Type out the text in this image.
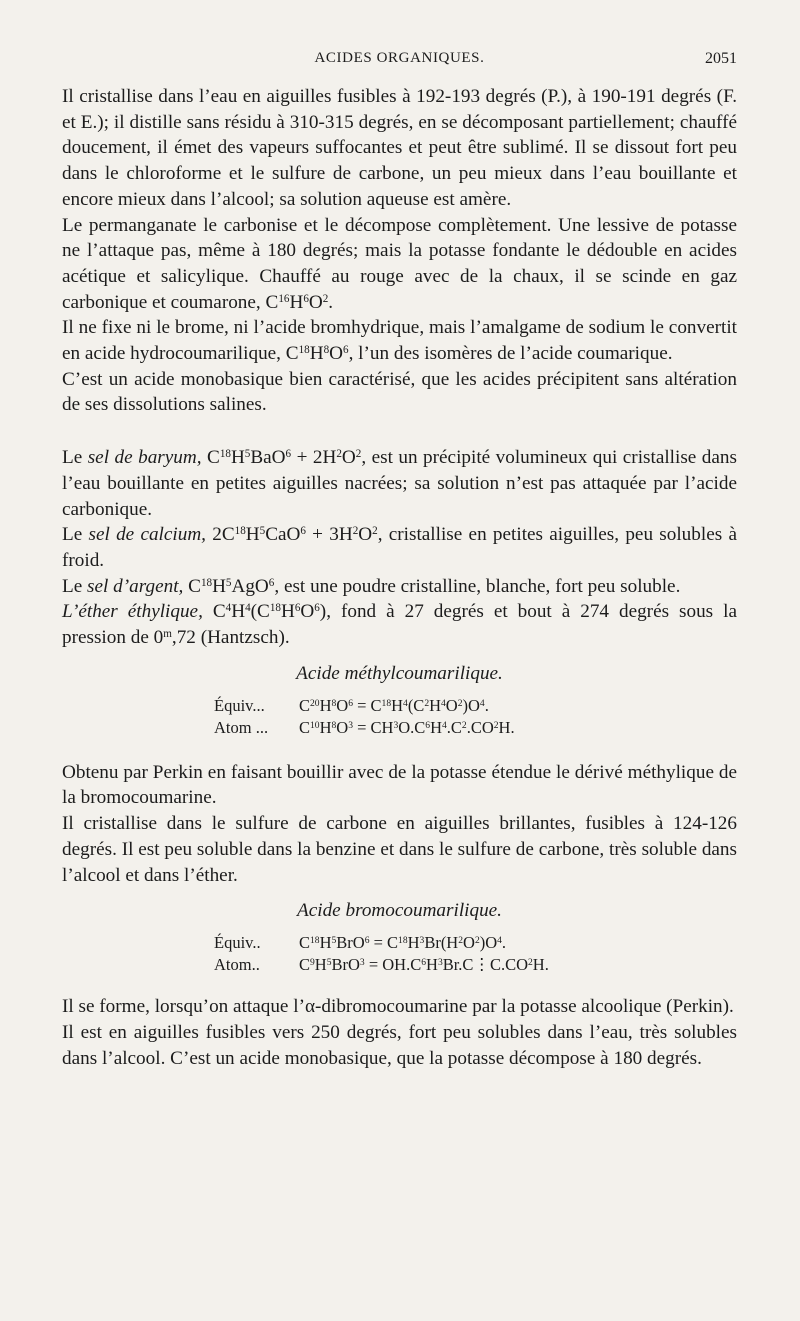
ACIDES ORGANIQUES.	2051

Il cristallise dans l’eau en aiguilles fusibles à 192-193 degrés (P.), à 190-191 degrés (F. et E.); il distille sans résidu à 310-315 degrés, en se décomposant partiellement; chauffé doucement, il émet des vapeurs suffocantes et peut être sublimé. Il se dissout fort peu dans le chloroforme et le sulfure de carbone, un peu mieux dans l’eau bouillante et encore mieux dans l’alcool; sa solution aqueuse est amère.

Le permanganate le carbonise et le décompose complètement. Une lessive de potasse ne l’attaque pas, même à 180 degrés; mais la potasse fondante le dédouble en acides acétique et salicylique. Chauffé au rouge avec de la chaux, il se scinde en gaz carbonique et coumarone, $C^{16}H^6O^2$.

Il ne fixe ni le brome, ni l’acide bromhydrique, mais l’amalgame de sodium le convertit en acide hydrocoumarilique, $C^{18}H^8O^6$, l’un des isomères de l’acide coumarique.

C’est un acide monobasique bien caractérisé, que les acides précipitent sans altération de ses dissolutions salines.

Le sel de baryum, $C^{18}H^5BaO^6 + 2H^2O^2$, est un précipité volumineux qui cristallise dans l’eau bouillante en petites aiguilles nacrées; sa solution n’est pas attaquée par l’acide carbonique.

Le sel de calcium, $2C^{18}H^5CaO^6 + 3H^2O^2$, cristallise en petites aiguilles, peu solubles à froid.

Le sel d’argent, $C^{18}H^5AgO^6$, est une poudre cristalline, blanche, fort peu soluble.

L’éther éthylique, $C^4H^4(C^{18}H^6O^6)$, fond à 27 degrés et bout à 274 degrés sous la pression de 0$^m$,72 (Hantzsch).

Acide méthylcoumarilique.
Équiv... $C^{20}H^8O^6 = C^{18}H^4(C^2H^4O^2)O^4$.
Atom ... $C^{10}H^8O^3 = CH^3O.C^6H^4.C^2.CO^2H$.

Obtenu par Perkin en faisant bouillir avec de la potasse étendue le dérivé méthylique de la bromocoumarine.

Il cristallise dans le sulfure de carbone en aiguilles brillantes, fusibles à 124-126 degrés. Il est peu soluble dans la benzine et dans le sulfure de carbone, très soluble dans l’alcool et dans l’éther.

Acide bromocoumarilique.
Équiv.. $C^{18}H^5BrO^6 = C^{18}H^3Br(H^2O^2)O^4$.
Atom.. $C^9H^5BrO^3$ = $OH.C^6H^3Br.C⋮C.CO^2H$.

Il se forme, lorsqu’on attaque l’α-dibromocoumarine par la potasse alcoolique (Perkin).

Il est en aiguilles fusibles vers 250 degrés, fort peu solubles dans l’eau, très solubles dans l’alcool. C’est un acide monobasique, que la potasse décompose à 180 degrés.
